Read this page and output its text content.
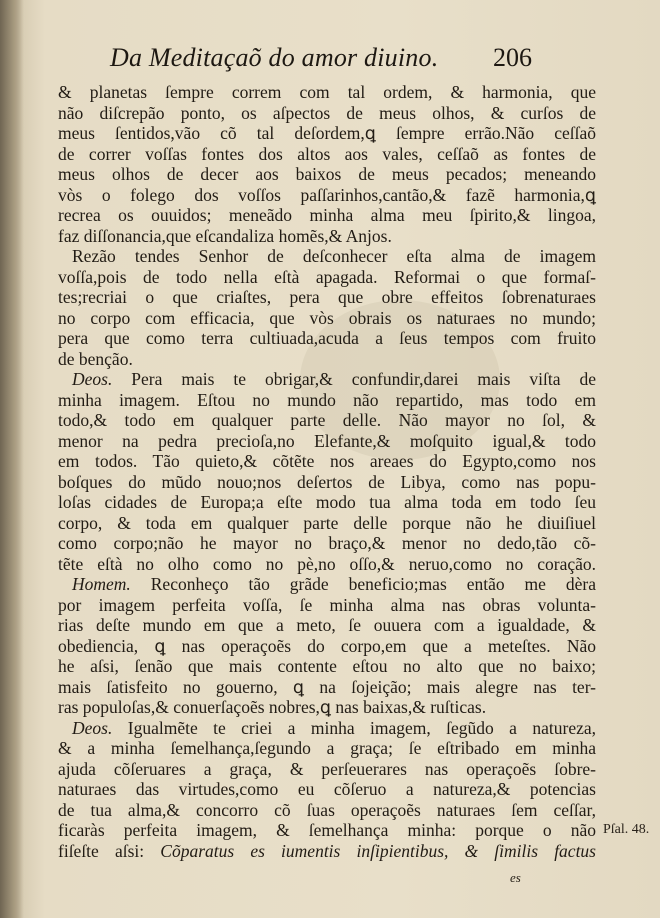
Da Meditaçaõ do amor diuino. 206
& planetas ſempre correm com tal ordem, & harmonia, que
não diſcrepão ponto, os aſpectos de meus olhos, & curſos de
meus ſentidos,vão cõ tal deſordem,ꝗ ſempre errão.Não ceſſaõ
de correr voſſas fontes dos altos aos vales, ceſſaõ as fontes de
meus olhos de decer aos baixos de meus pecados; meneando
vòs o folego dos voſſos paſſarinhos,cantão,& fazẽ harmonia,ꝗ
recrea os ouuidos; meneãdo minha alma meu ſpirito,& lingoa,
faz diſſonancia,que eſcandaliza homẽs,& Anjos.
Rezão tendes Senhor de deſconhecer eſta alma de imagem
voſſa,pois de todo nella eſtà apagada. Reformai o que formaſ-
tes;recriai o que criaſtes, pera que obre effeitos ſobrenaturaes
no corpo com efficacia, que vòs obrais os naturaes no mundo;
pera que como terra cultiuada,acuda a ſeus tempos com fruito
de benção.
Deos. Pera mais te obrigar,& confundir,darei mais viſta de
minha imagem. Eſtou no mundo não repartido, mas todo em
todo,& todo em qualquer parte delle. Não mayor no ſol, &
menor na pedra precioſa,no Elefante,& moſquito igual,& todo
em todos. Tão quieto,& cõtẽte nos areaes do Egypto,como nos
boſques do mũdo nouo;nos deſertos de Libya, como nas popu-
loſas cidades de Europa;a eſte modo tua alma toda em todo ſeu
corpo, & toda em qualquer parte delle porque não he diuiſiuel
como corpo;não he mayor no braço,& menor no dedo,tão cõ-
tẽte eſtà no olho como no pè,no oſſo,& neruo,como no coração.
Homem. Reconheço tão grãde beneficio;mas então me dèra
por imagem perfeita voſſa, ſe minha alma nas obras volunta-
rias deſte mundo em que a meto, ſe ouuera com a igualdade, &
obediencia, ꝗ nas operaçoẽs do corpo,em que a meteſtes. Não
he aſsi, ſenão que mais contente eſtou no alto que no baixo;
mais ſatisfeito no gouerno, ꝗ na ſojeição; mais alegre nas ter-
ras populoſas,& conuerſaçoẽs nobres,ꝗ nas baixas,& ruſticas.
Deos. Igualmẽte te criei a minha imagem, ſegũdo a natureza,
& a minha ſemelhança,ſegundo a graça; ſe eſtribado em minha
ajuda cõſeruares a graça, & perſeuerares nas operaçoẽs ſobre-
naturaes das virtudes,como eu cõſeruo a natureza,& potencias
de tua alma,& concorro cõ ſuas operaçoẽs naturaes ſem ceſſar,
ficaràs perfeita imagem, & ſemelhança minha: porque o não
fiſeſte aſsi: Cõparatus es iumentis inſipientibus, & ſimilis factus
Pſal. 48.
es
